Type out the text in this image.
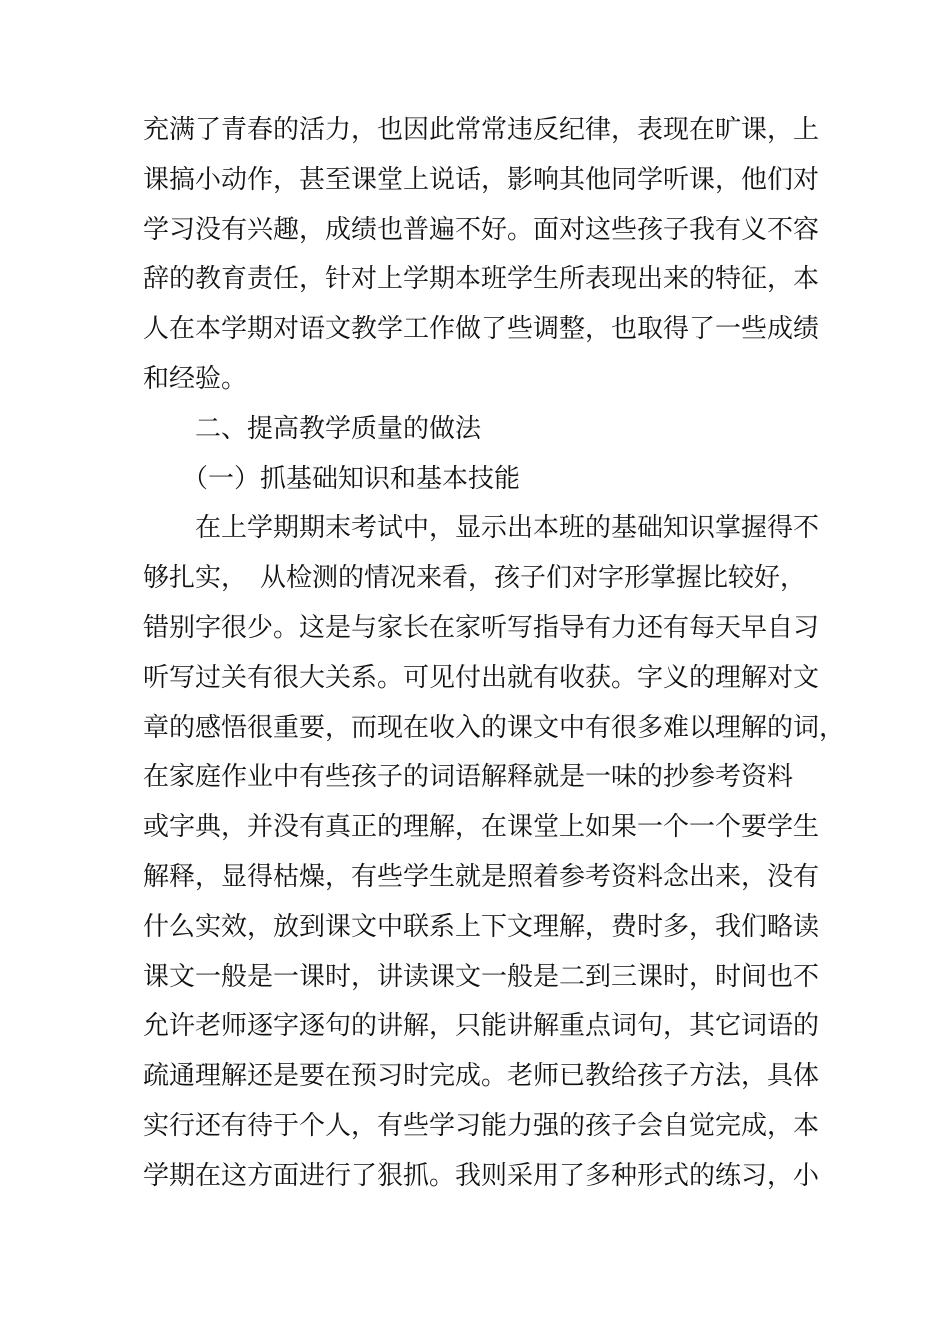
充满了青春的活力，也因此常常违反纪律，表现在旷课，上
课搞小动作，甚至课堂上说话，影响其他同学听课，他们对
学习没有兴趣，成绩也普遍不好。面对这些孩子我有义不容
辞的教育责任，针对上学期本班学生所表现出来的特征，本
人在本学期对语文教学工作做了些调整，也取得了一些成绩
和经验。
　　二、提高教学质量的做法
　　（一）抓基础知识和基本技能
　　在上学期期末考试中，显示出本班的基础知识掌握得不
够扎实，　从检测的情况来看，孩子们对字形掌握比较好，
错别字很少。这是与家长在家听写指导有力还有每天早自习
听写过关有很大关系。可见付出就有收获。字义的理解对文
章的感悟很重要，而现在收入的课文中有很多难以理解的词，
在家庭作业中有些孩子的词语解释就是一味的抄参考资料
或字典，并没有真正的理解，在课堂上如果一个一个要学生
解释，显得枯燥，有些学生就是照着参考资料念出来，没有
什么实效，放到课文中联系上下文理解，费时多，我们略读
课文一般是一课时，讲读课文一般是二到三课时，时间也不
允许老师逐字逐句的讲解，只能讲解重点词句，其它词语的
疏通理解还是要在预习时完成。老师已教给孩子方法，具体
实行还有待于个人，有些学习能力强的孩子会自觉完成，本
学期在这方面进行了狠抓。我则采用了多种形式的练习，小
